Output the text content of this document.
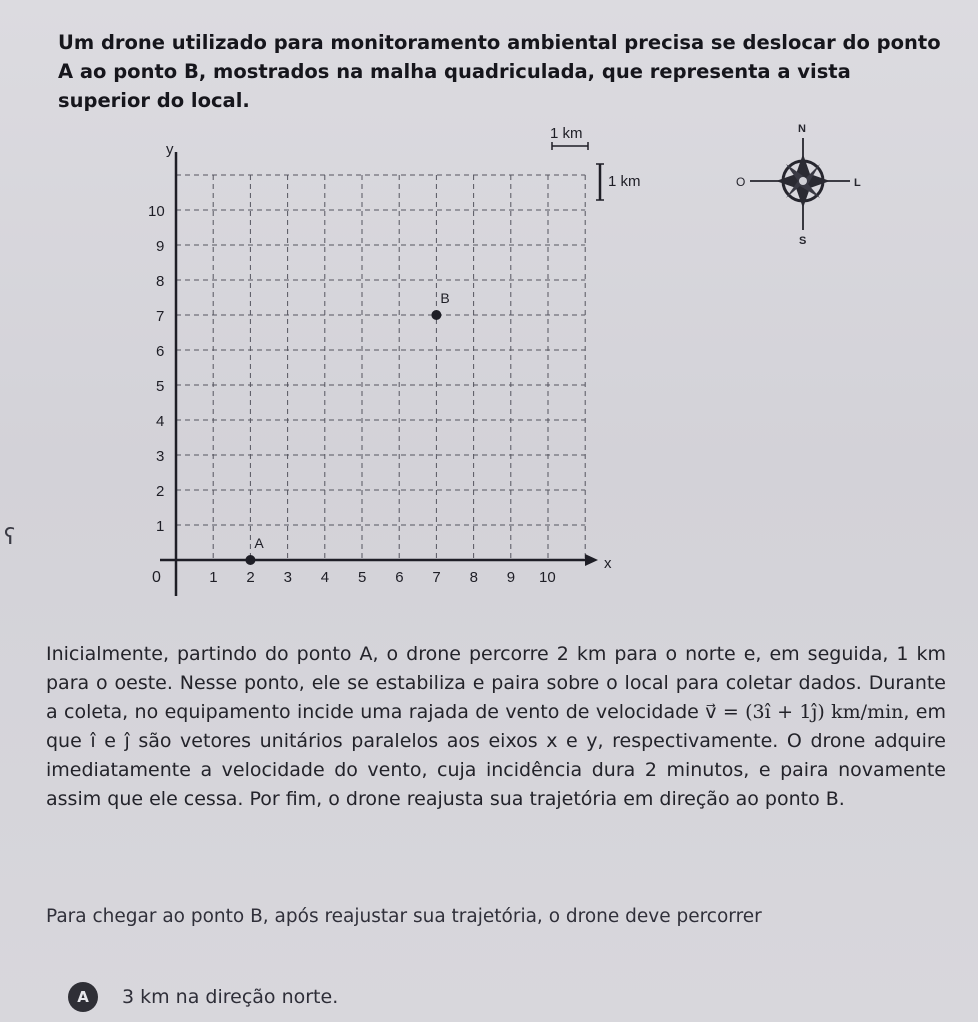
Um drone utilizado para monitoramento ambiental precisa se deslocar do ponto A ao ponto B, mostrados na malha quadriculada, que representa a vista superior do local.

1 2 3 4 5 6 7 8 9 10
1
2
3
4
5
6
7
8
9
10
x
y
0
1 km
1 km
A
B
N
S
L
O
ʕ

Inicialmente, partindo do ponto A, o drone percorre 2 km para o norte e, em seguida, 1 km para o oeste. Nesse ponto, ele se estabiliza e paira sobre o local para coletar dados. Durante a coleta, no equipamento incide uma rajada de vento de velocidade v⃗ = (3î + 1ĵ) km/min, em que î e ĵ são vetores unitários paralelos aos eixos x e y, respectivamente. O drone adquire imediatamente a velocidade do vento, cuja incidência dura 2 minutos, e paira novamente assim que ele cessa. Por fim, o drone reajusta sua trajetória em direção ao ponto B.

Para chegar ao ponto B, após reajustar sua trajetória, o drone deve percorrer
A	3 km na direção norte.
